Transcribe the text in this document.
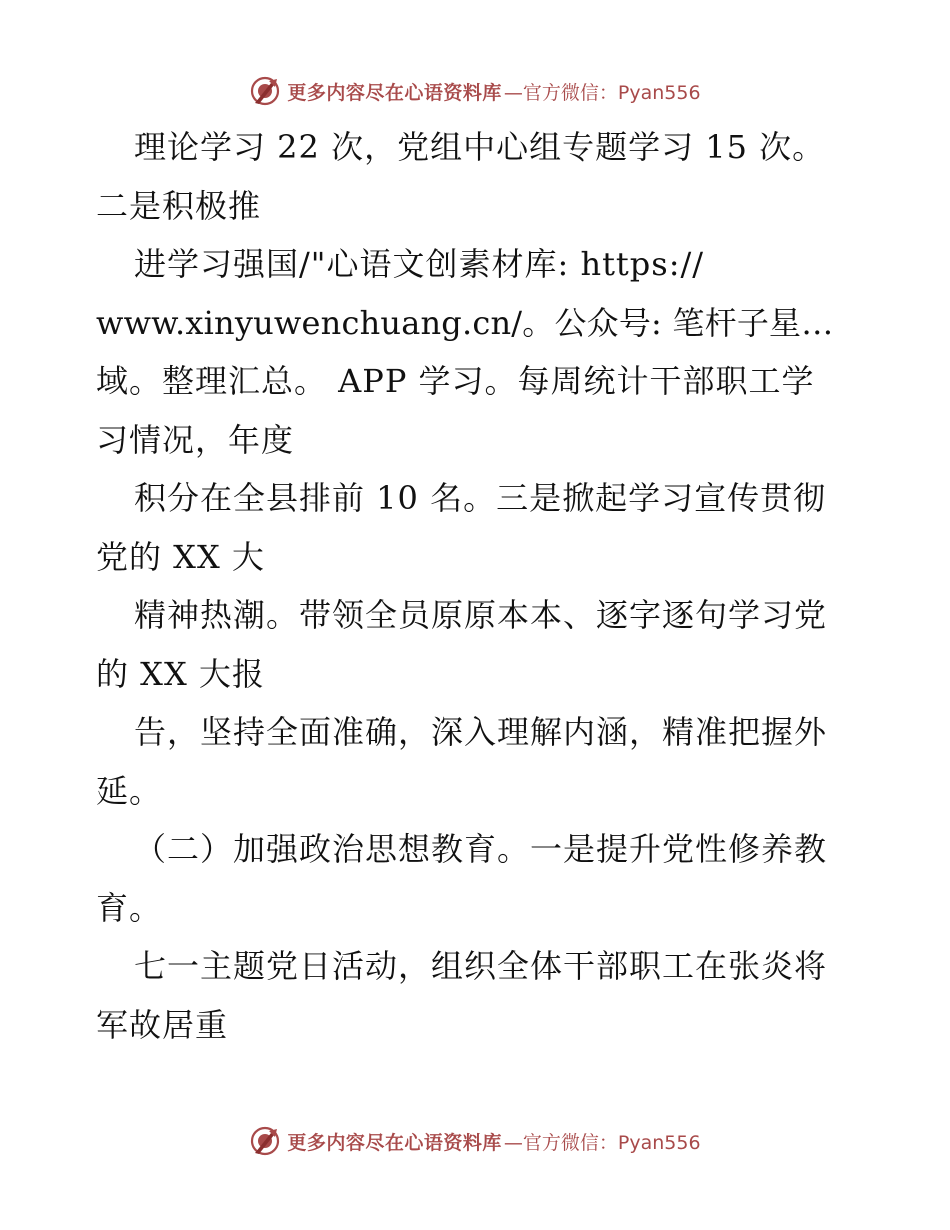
更多内容尽在心语资料库 —官方微信：Pyan556
理论学习 22 次，党组中心组专题学习 15 次。
二是积极推
进学习强国/"心语文创素材库: https://
www.xinyuwenchuang.cn/。公众号: 笔杆子星…
域。整理汇总。 APP 学习。每周统计干部职工学
习情况，年度
积分在全县排前 10 名。三是掀起学习宣传贯彻
党的 XX 大
精神热潮。带领全员原原本本、逐字逐句学习党
的 XX 大报
告，坚持全面准确，深入理解内涵，精准把握外
延。
（二）加强政治思想教育。一是提升党性修养教
育。
七一主题党日活动，组织全体干部职工在张炎将
军故居重
更多内容尽在心语资料库 —官方微信：Pyan556
